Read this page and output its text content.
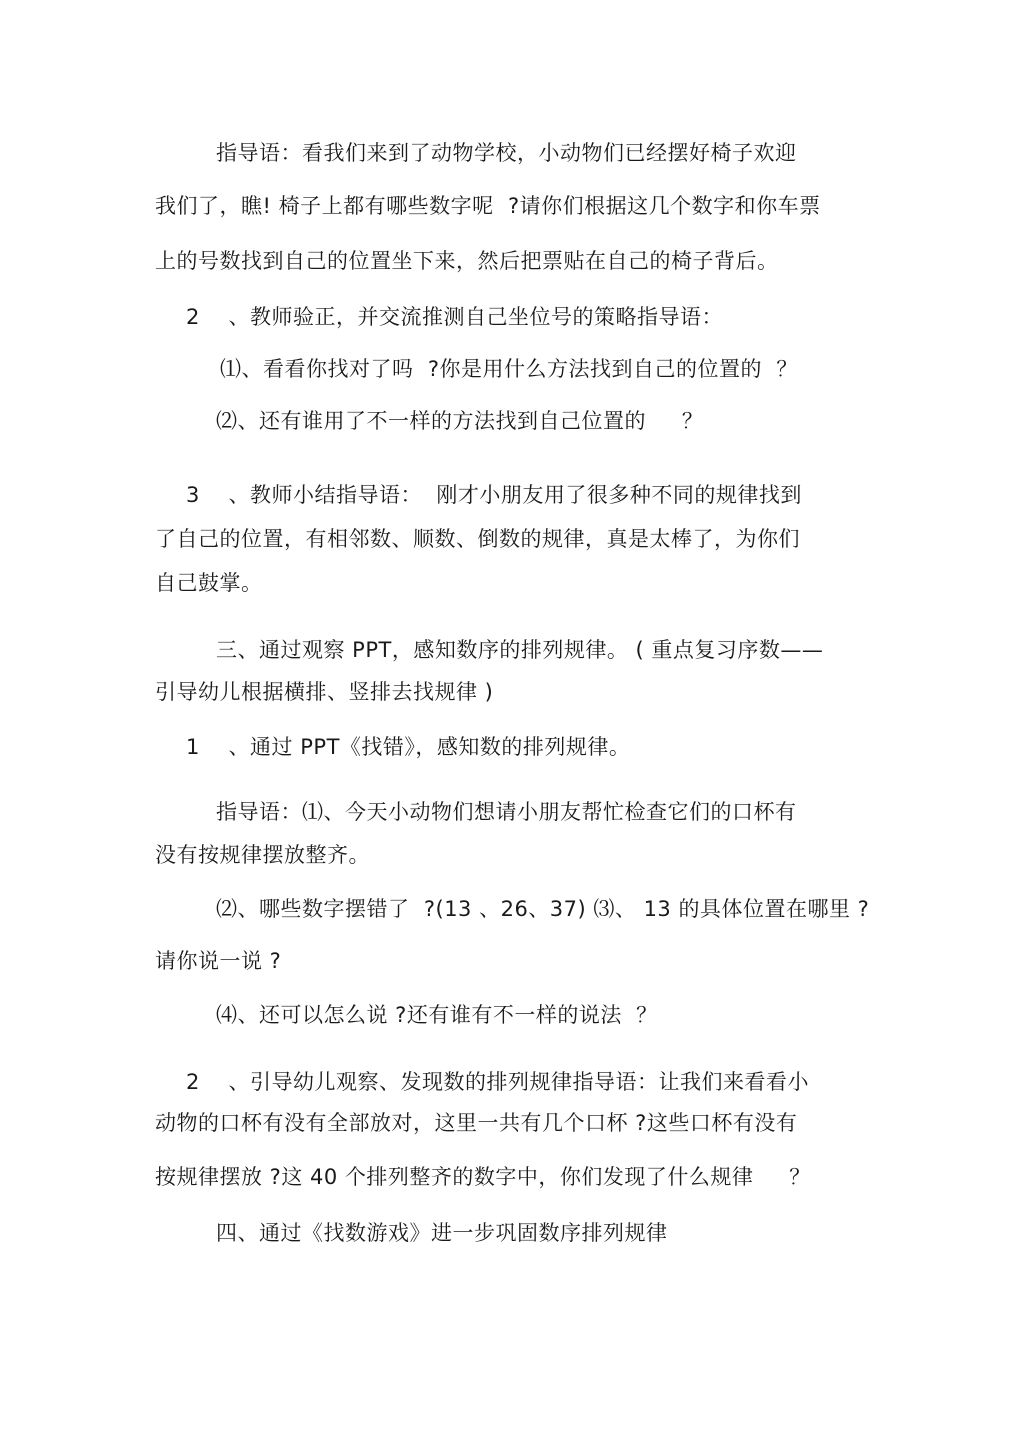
指导语：看我们来到了动物学校，小动物们已经摆好椅子欢迎
我们了，瞧! 椅子上都有哪些数字呢  ?请你们根据这几个数字和你车票
上的号数找到自己的位置坐下来，然后把票贴在自己的椅子背后。
2    、教师验正，并交流推测自己坐位号的策略指导语：
⑴、看看你找对了吗  ?你是用什么方法找到自己的位置的  ？
⑵、还有谁用了不一样的方法找到自己位置的     ？
3    、教师小结指导语：  刚才小朋友用了很多种不同的规律找到
了自己的位置，有相邻数、顺数、倒数的规律，真是太棒了，为你们
自己鼓掌。
三、通过观察 PPT，感知数序的排列规律。 ( 重点复习序数——
引导幼儿根据横排、竖排去找规律 )
1    、通过 PPT《找错》，感知数的排列规律。
指导语：⑴、今天小动物们想请小朋友帮忙检查它们的口杯有
没有按规律摆放整齐。
⑵、哪些数字摆错了  ?(13 、26、37) ⑶、 13 的具体位置在哪里 ?
请你说一说 ?
⑷、还可以怎么说 ?还有谁有不一样的说法  ？
2    、引导幼儿观察、发现数的排列规律指导语：让我们来看看小
动物的口杯有没有全部放对，这里一共有几个口杯 ?这些口杯有没有
按规律摆放 ?这 40 个排列整齐的数字中，你们发现了什么规律     ？
四、通过《找数游戏》进一步巩固数序排列规律
